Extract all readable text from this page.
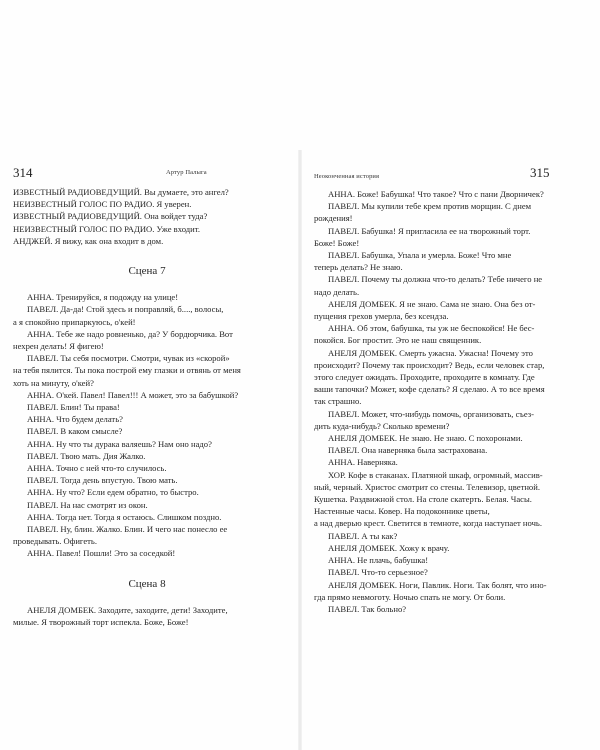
314	Артур Палыга

ИЗВЕСТНЫЙ РАДИОВЕДУЩИЙ. Вы думаете, это ангел?

НЕИЗВЕСТНЫЙ ГОЛОС ПО РАДИО. Я уверен.

ИЗВЕСТНЫЙ РАДИОВЕДУЩИЙ. Она войдет туда?

НЕИЗВЕСТНЫЙ ГОЛОС ПО РАДИО. Уже входит.

АНДЖЕЙ. Я вижу, как она входит в дом.

Сцена 7

АННА. Тренируйся, я подожду на улице!

ПАВЕЛ. Да-да! Стой здесь и поправляй, б...., волосы,

а я спокойно припаркуюсь, о'кей!

АННА. Тебе же надо ровненько, да? У бордюрчика. Вот

нехрен делать! Я фигею!

ПАВЕЛ. Ты себя посмотри. Смотри, чувак из «скорой»

на тебя пялится. Ты пока построй ему глазки и отвянь от меня

хоть на минуту, о'кей?

АННА. О'кей. Павел! Павел!!! А может, это за бабушкой?

ПАВЕЛ. Блин! Ты права!

АННА. Что будем делать?

ПАВЕЛ. В каком смысле?

АННА. Ну что ты дурака валяешь? Нам оно надо?

ПАВЕЛ. Твою мать. Дия Жалко.

АННА. Точно с ней что-то случилось.

ПАВЕЛ. Тогда день впустую. Твою мать.

АННА. Ну что? Если едем обратно, то быстро.

ПАВЕЛ. На нас смотрят из окон.

АННА. Тогда нет. Тогда я остаюсь. Слишком поздно.

ПАВЕЛ. Ну, блин. Жалко. Блин. И чего нас понесло ее

проведывать. Офигеть.

АННА. Павел! Пошли! Это за соседкой!

Сцена 8

АНЕЛЯ ДОМБЕК. Заходите, заходите, дети! Заходите,

милые. Я творожный торт испекла. Боже, Боже!

Неоконченная история	315

АННА. Боже! Бабушка! Что такое? Что с пани Дворничек?

ПАВЕЛ. Мы купили тебе крем против морщин. С днем

рождения!

ПАВЕЛ. Бабушка! Я пригласила ее на творожный торт.

Боже! Боже!

ПАВЕЛ. Бабушка, Упала и умерла. Боже! Что мне

теперь делать? Не знаю.

ПАВЕЛ. Почему ты должна что-то делать? Тебе ничего не

надо делать.

АНЕЛЯ ДОМБЕК. Я не знаю. Сама не знаю. Она без от-

пущения грехов умерла, без ксендза.

АННА. Об этом, бабушка, ты уж не беспокойся! Не бес-

покойся. Бог простит. Это не наш священник.

АНЕЛЯ ДОМБЕК. Смерть ужасна. Ужасна! Почему это

происходит? Почему так происходит? Ведь, если человек стар,

этого следует ожидать. Проходите, проходите в комнату. Где

ваши тапочки? Может, кофе сделать? Я сделаю. А то все время

так страшно.

ПАВЕЛ. Может, что-нибудь помочь, организовать, съез-

дить куда-нибудь? Сколько времени?

АНЕЛЯ ДОМБЕК. Не знаю. Не знаю. С похоронами.

ПАВЕЛ. Она наверняка была застрахована.

АННА. Наверняка.

ХОР. Кофе в стаканах. Платяной шкаф, огромный, массив-

ный, черный. Христос смотрит со стены. Телевизор, цветной.

Кушетка. Раздвижной стол. На столе скатерть. Белая. Часы.

Настенные часы. Ковер. На подоконнике цветы,

а над дверью крест. Светится в темноте, когда наступает ночь.

ПАВЕЛ. А ты как?

АНЕЛЯ ДОМБЕК. Хожу к врачу.

АННА. Не плачь, бабушка!

ПАВЕЛ. Что-то серьезное?

АНЕЛЯ ДОМБЕК. Ноги, Павлик. Ноги. Так болят, что ино-

гда прямо невмоготу. Ночью спать не могу. От боли.

ПАВЕЛ. Так больно?
